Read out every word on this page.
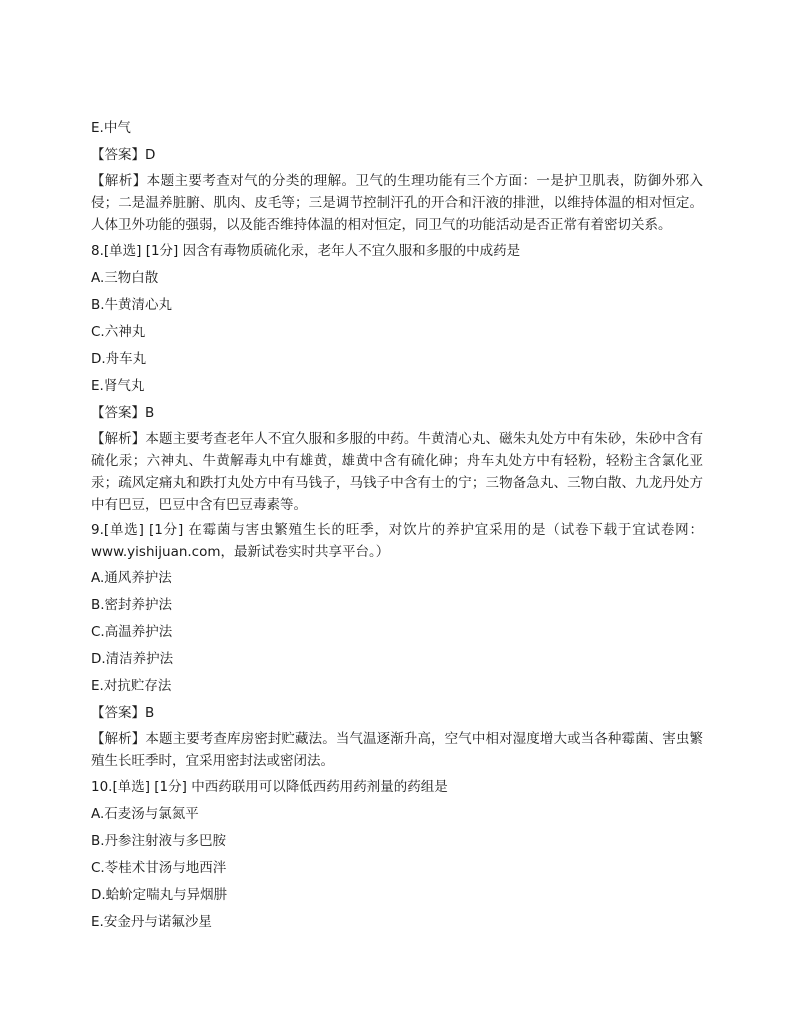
E.中气
【答案】D
【解析】本题主要考查对气的分类的理解。卫气的生理功能有三个方面：一是护卫肌表，防御外邪入侵；二是温养脏腑、肌肉、皮毛等；三是调节控制汗孔的开合和汗液的排泄，以维持体温的相对恒定。人体卫外功能的强弱，以及能否维持体温的相对恒定，同卫气的功能活动是否正常有着密切关系。
8.[单选] [1分] 因含有毒物质硫化汞，老年人不宜久服和多服的中成药是
A.三物白散
B.牛黄清心丸
C.六神丸
D.舟车丸
E.肾气丸
【答案】B
【解析】本题主要考查老年人不宜久服和多服的中药。牛黄清心丸、磁朱丸处方中有朱砂，朱砂中含有硫化汞；六神丸、牛黄解毒丸中有雄黄，雄黄中含有硫化砷；舟车丸处方中有轻粉，轻粉主含氯化亚汞；疏风定痛丸和跌打丸处方中有马钱子，马钱子中含有士的宁；三物备急丸、三物白散、九龙丹处方中有巴豆，巴豆中含有巴豆毒素等。
9.[单选] [1分] 在霉菌与害虫繁殖生长的旺季，对饮片的养护宜采用的是（试卷下载于宜试卷网：www.yishijuan.com，最新试卷实时共享平台。）
A.通风养护法
B.密封养护法
C.高温养护法
D.清洁养护法
E.对抗贮存法
【答案】B
【解析】本题主要考查库房密封贮藏法。当气温逐渐升高，空气中相对湿度增大或当各种霉菌、害虫繁殖生长旺季时，宜采用密封法或密闭法。
10.[单选] [1分] 中西药联用可以降低西药用药剂量的药组是
A.石麦汤与氯氮平
B.丹参注射液与多巴胺
C.苓桂术甘汤与地西泮
D.蛤蚧定喘丸与异烟肼
E.安金丹与诺氟沙星
